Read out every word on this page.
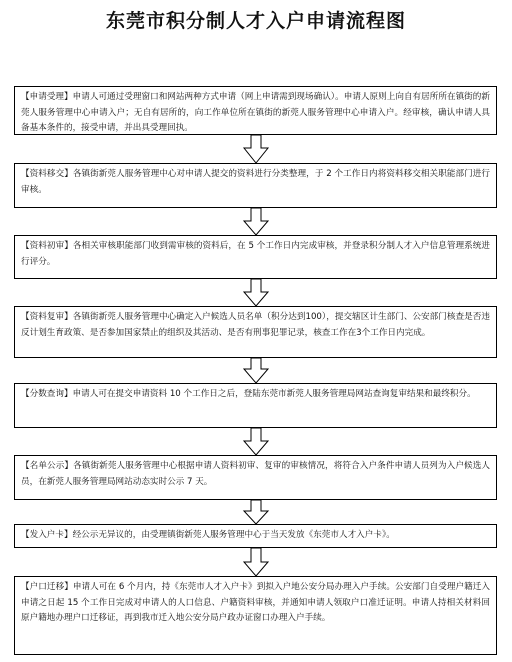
东莞市积分制人才入户申请流程图
【申请受理】申请人可通过受理窗口和网站两种方式申请（网上申请需到现场确认）。申请人原则上向自有居所所在镇街的新莞人服务管理中心申请入户；无自有居所的，向工作单位所在镇街的新莞人服务管理中心申请入户。经审核，确认申请人具备基本条件的，接受申请，并出具受理回执。
【资料移交】各镇街新莞人服务管理中心对申请人提交的资料进行分类整理，于 2 个工作日内将资料移交相关职能部门进行审核。
【资料初审】各相关审核职能部门收到需审核的资料后，在 5 个工作日内完成审核，并登录积分制人才入户信息管理系统进行评分。
【资料复审】各镇街新莞人服务管理中心确定入户候选人员名单（积分达到100），提交辖区计生部门、公安部门核查是否违反计划生育政策、是否参加国家禁止的组织及其活动、是否有刑事犯罪记录，核查工作在3个工作日内完成。
【分数查询】申请人可在提交申请资料 10 个工作日之后，登陆东莞市新莞人服务管理局网站查询复审结果和最终积分。
【名单公示】各镇街新莞人服务管理中心根据申请人资料初审、复审的审核情况，将符合入户条件申请人员列为入户候选人员，在新莞人服务管理局网站动态实时公示 7 天。
【发入户卡】经公示无异议的，由受理镇街新莞人服务管理中心于当天发放《东莞市人才入户卡》。
【户口迁移】申请人可在 6 个月内，持《东莞市人才入户卡》到拟入户地公安分局办理入户手续。公安部门自受理户籍迁入申请之日起 15 个工作日完成对申请人的人口信息、户籍资料审核，并通知申请人领取户口准迁证明。申请人持相关材料回原户籍地办理户口迁移证，再到我市迁入地公安分局户政办证窗口办理入户手续。
